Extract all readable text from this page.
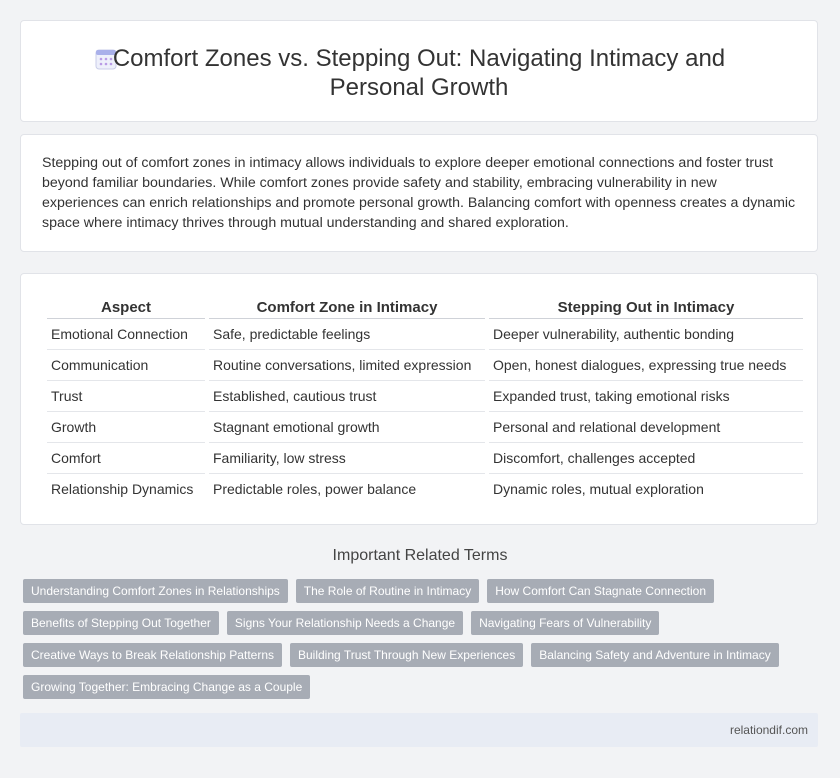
Comfort Zones vs. Stepping Out: Navigating Intimacy and
Personal Growth
Stepping out of comfort zones in intimacy allows individuals to explore deeper emotional connections and foster trust beyond familiar boundaries. While comfort zones provide safety and stability, embracing vulnerability in new experiences can enrich relationships and promote personal growth. Balancing comfort with openness creates a dynamic space where intimacy thrives through mutual understanding and shared exploration.
Aspect	Comfort Zone in Intimacy	Stepping Out in Intimacy
Emotional Connection	Safe, predictable feelings	Deeper vulnerability, authentic bonding
Communication	Routine conversations, limited expression	Open, honest dialogues, expressing true needs
Trust	Established, cautious trust	Expanded trust, taking emotional risks
Growth	Stagnant emotional growth	Personal and relational development
Comfort	Familiarity, low stress	Discomfort, challenges accepted
Relationship Dynamics	Predictable roles, power balance	Dynamic roles, mutual exploration
Important Related Terms
Understanding Comfort Zones in Relationships	The Role of Routine in Intimacy	How Comfort Can Stagnate Connection
Benefits of Stepping Out Together	Signs Your Relationship Needs a Change	Navigating Fears of Vulnerability
Creative Ways to Break Relationship Patterns	Building Trust Through New Experiences	Balancing Safety and Adventure in Intimacy
Growing Together: Embracing Change as a Couple
relationdif.com
